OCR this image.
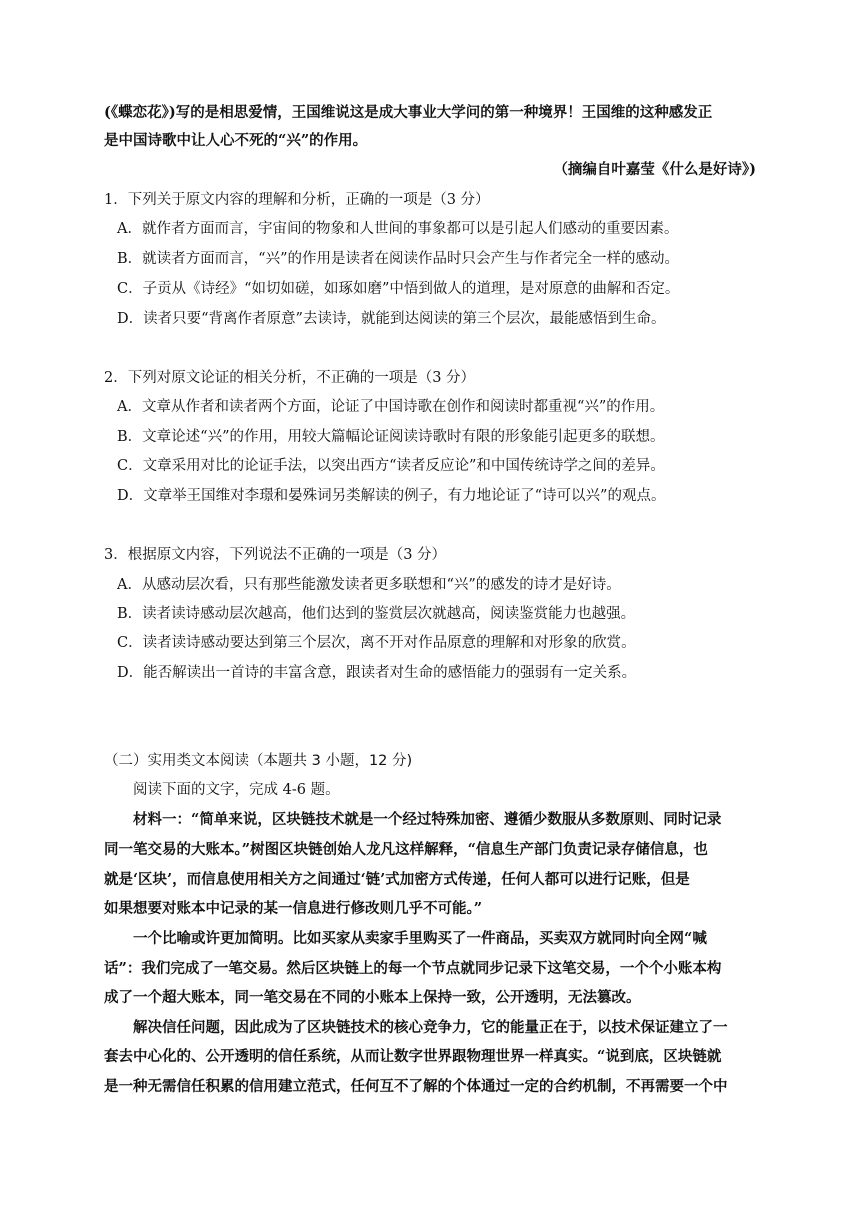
(《蝶恋花》)写的是相思爱情，王国维说这是成大事业大学问的第一种境界！王国维的这种感发正
是中国诗歌中让人心不死的“兴”的作用。
（摘编自叶嘉莹《什么是好诗》)
1．下列关于原文内容的理解和分析，正确的一项是（3 分）
A．就作者方面而言，宇宙间的物象和人世间的事象都可以是引起人们感动的重要因素。
B．就读者方面而言，“兴”的作用是读者在阅读作品时只会产生与作者完全一样的感动。
C．子贡从《诗经》“如切如磋，如琢如磨”中悟到做人的道理，是对原意的曲解和否定。
D．读者只要“背离作者原意”去读诗，就能到达阅读的第三个层次，最能感悟到生命。
2．下列对原文论证的相关分析，不正确的一项是（3 分）
A．文章从作者和读者两个方面，论证了中国诗歌在创作和阅读时都重视“兴”的作用。
B．文章论述“兴”的作用，用较大篇幅论证阅读诗歌时有限的形象能引起更多的联想。
C．文章采用对比的论证手法，以突出西方“读者反应论”和中国传统诗学之间的差异。
D．文章举王国维对李璟和晏殊词另类解读的例子，有力地论证了“诗可以兴”的观点。
3．根据原文内容，下列说法不正确的一项是（3 分）
A．从感动层次看，只有那些能激发读者更多联想和“兴”的感发的诗才是好诗。
B．读者读诗感动层次越高，他们达到的鉴赏层次就越高，阅读鉴赏能力也越强。
C．读者读诗感动要达到第三个层次，离不开对作品原意的理解和对形象的欣赏。
D．能否解读出一首诗的丰富含意，跟读者对生命的感悟能力的强弱有一定关系。
（二）实用类文本阅读（本题共 3 小题，12 分)
阅读下面的文字，完成 4-6 题。
材料一：“简单来说，区块链技术就是一个经过特殊加密、遵循少数服从多数原则、同时记录
同一笔交易的大账本。”树图区块链创始人龙凡这样解释，“信息生产部门负责记录存储信息，也
就是‘区块’，而信息使用相关方之间通过‘链’式加密方式传递，任何人都可以进行记账，但是
如果想要对账本中记录的某一信息进行修改则几乎不可能。”
一个比喻或许更加简明。比如买家从卖家手里购买了一件商品，买卖双方就同时向全网“喊
话”：我们完成了一笔交易。然后区块链上的每一个节点就同步记录下这笔交易，一个个小账本构
成了一个超大账本，同一笔交易在不同的小账本上保持一致，公开透明，无法篡改。
解决信任问题，因此成为了区块链技术的核心竞争力，它的能量正在于，以技术保证建立了一
套去中心化的、公开透明的信任系统，从而让数字世界跟物理世界一样真实。“说到底，区块链就
是一种无需信任积累的信用建立范式，任何互不了解的个体通过一定的合约机制，不再需要一个中
